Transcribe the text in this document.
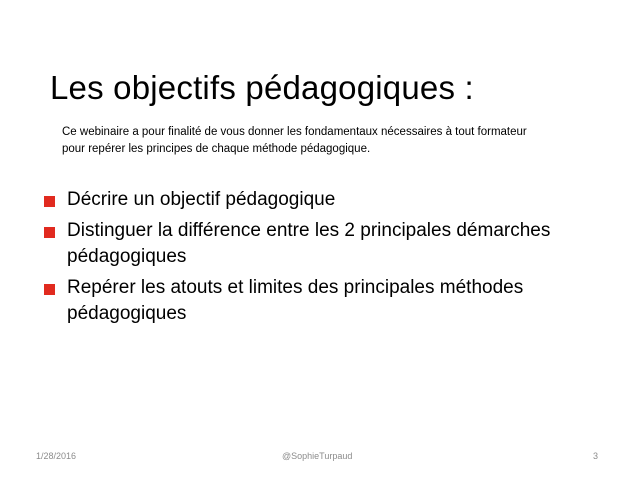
Les objectifs pédagogiques :
Ce webinaire a pour finalité de vous donner les fondamentaux nécessaires à tout formateur pour repérer les principes de chaque méthode pédagogique.
Décrire un objectif pédagogique
Distinguer la différence entre les 2 principales démarches pédagogiques
Repérer les atouts et limites des principales méthodes pédagogiques
1/28/2016	@SophieTurpaud	3
